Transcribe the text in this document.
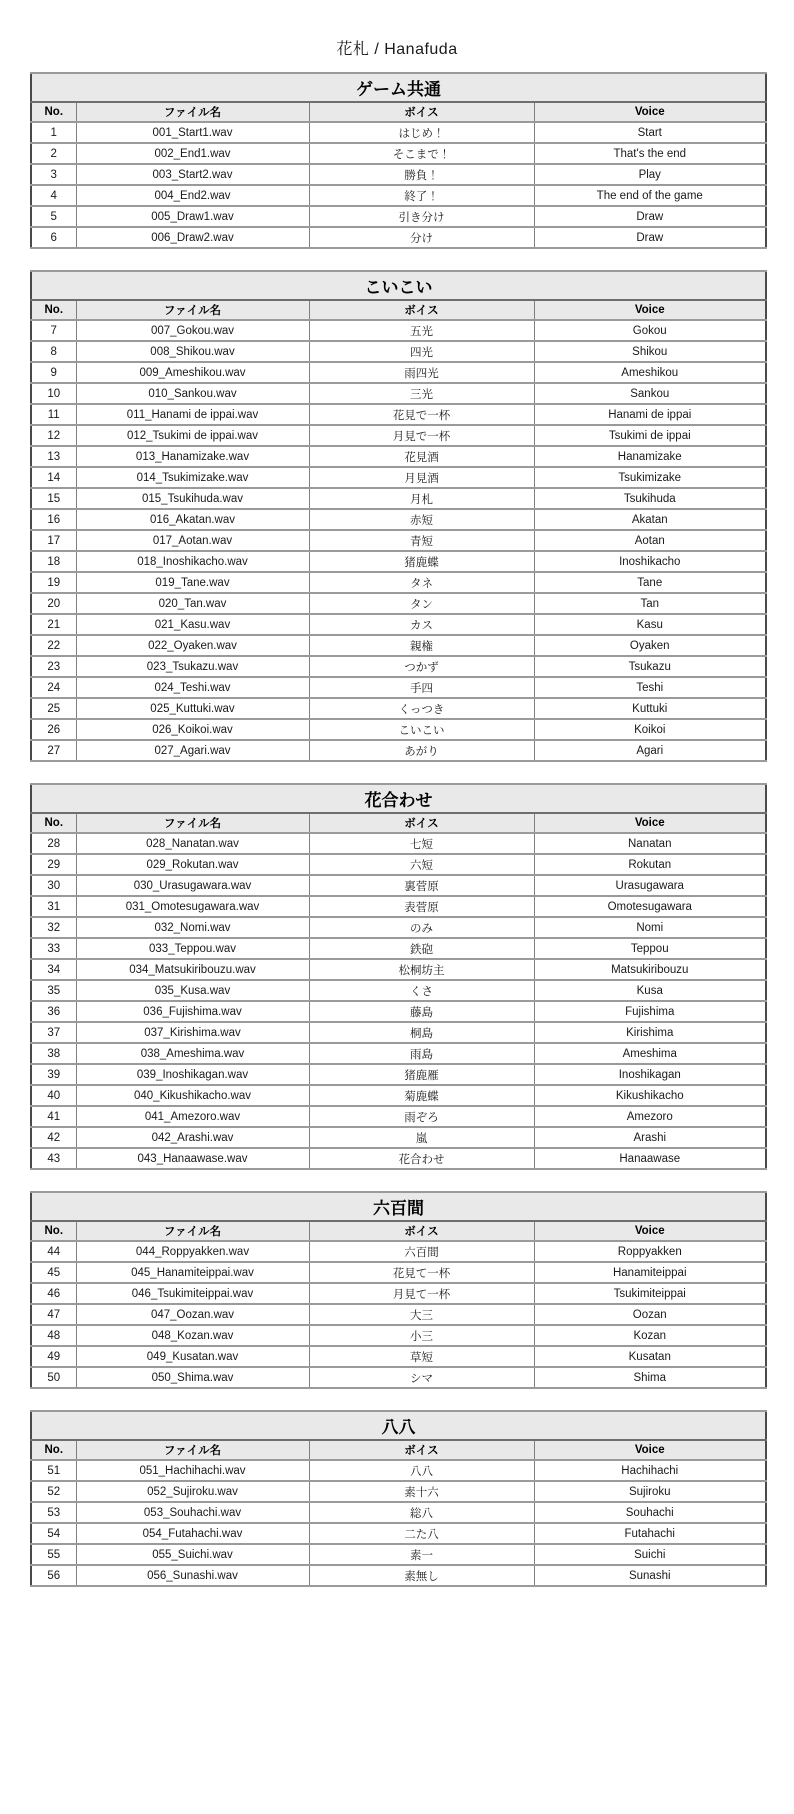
花札 / Hanafuda
ゲーム共通			
No.	ファイル名	ボイス	Voice
1	001_Start1.wav	はじめ！	Start
2	002_End1.wav	そこまで！	That's the end
3	003_Start2.wav	勝負！	Play
4	004_End2.wav	終了！	The end of the game
5	005_Draw1.wav	引き分け	Draw
6	006_Draw2.wav	分け	Draw
こいこい			
No.	ファイル名	ボイス	Voice
7	007_Gokou.wav	五光	Gokou
8	008_Shikou.wav	四光	Shikou
9	009_Ameshikou.wav	雨四光	Ameshikou
10	010_Sankou.wav	三光	Sankou
11	011_Hanami de ippai.wav	花見で一杯	Hanami de ippai
12	012_Tsukimi de ippai.wav	月見で一杯	Tsukimi de ippai
13	013_Hanamizake.wav	花見酒	Hanamizake
14	014_Tsukimizake.wav	月見酒	Tsukimizake
15	015_Tsukihuda.wav	月札	Tsukihuda
16	016_Akatan.wav	赤短	Akatan
17	017_Aotan.wav	青短	Aotan
18	018_Inoshikacho.wav	猪鹿蝶	Inoshikacho
19	019_Tane.wav	タネ	Tane
20	020_Tan.wav	タン	Tan
21	021_Kasu.wav	カス	Kasu
22	022_Oyaken.wav	親権	Oyaken
23	023_Tsukazu.wav	つかず	Tsukazu
24	024_Teshi.wav	手四	Teshi
25	025_Kuttuki.wav	くっつき	Kuttuki
26	026_Koikoi.wav	こいこい	Koikoi
27	027_Agari.wav	あがり	Agari
花合わせ			
No.	ファイル名	ボイス	Voice
28	028_Nanatan.wav	七短	Nanatan
29	029_Rokutan.wav	六短	Rokutan
30	030_Urasugawara.wav	裏菅原	Urasugawara
31	031_Omotesugawara.wav	表菅原	Omotesugawara
32	032_Nomi.wav	のみ	Nomi
33	033_Teppou.wav	鉄砲	Teppou
34	034_Matsukiribouzu.wav	松桐坊主	Matsukiribouzu
35	035_Kusa.wav	くさ	Kusa
36	036_Fujishima.wav	藤島	Fujishima
37	037_Kirishima.wav	桐島	Kirishima
38	038_Ameshima.wav	雨島	Ameshima
39	039_Inoshikagan.wav	猪鹿雁	Inoshikagan
40	040_Kikushikacho.wav	菊鹿蝶	Kikushikacho
41	041_Amezoro.wav	雨ぞろ	Amezoro
42	042_Arashi.wav	嵐	Arashi
43	043_Hanaawase.wav	花合わせ	Hanaawase
六百間			
No.	ファイル名	ボイス	Voice
44	044_Roppyakken.wav	六百間	Roppyakken
45	045_Hanamiteippai.wav	花見て一杯	Hanamiteippai
46	046_Tsukimiteippai.wav	月見て一杯	Tsukimiteippai
47	047_Oozan.wav	大三	Oozan
48	048_Kozan.wav	小三	Kozan
49	049_Kusatan.wav	草短	Kusatan
50	050_Shima.wav	シマ	Shima
八八			
No.	ファイル名	ボイス	Voice
51	051_Hachihachi.wav	八八	Hachihachi
52	052_Sujiroku.wav	素十六	Sujiroku
53	053_Souhachi.wav	総八	Souhachi
54	054_Futahachi.wav	二た八	Futahachi
55	055_Suichi.wav	素一	Suichi
56	056_Sunashi.wav	素無し	Sunashi
